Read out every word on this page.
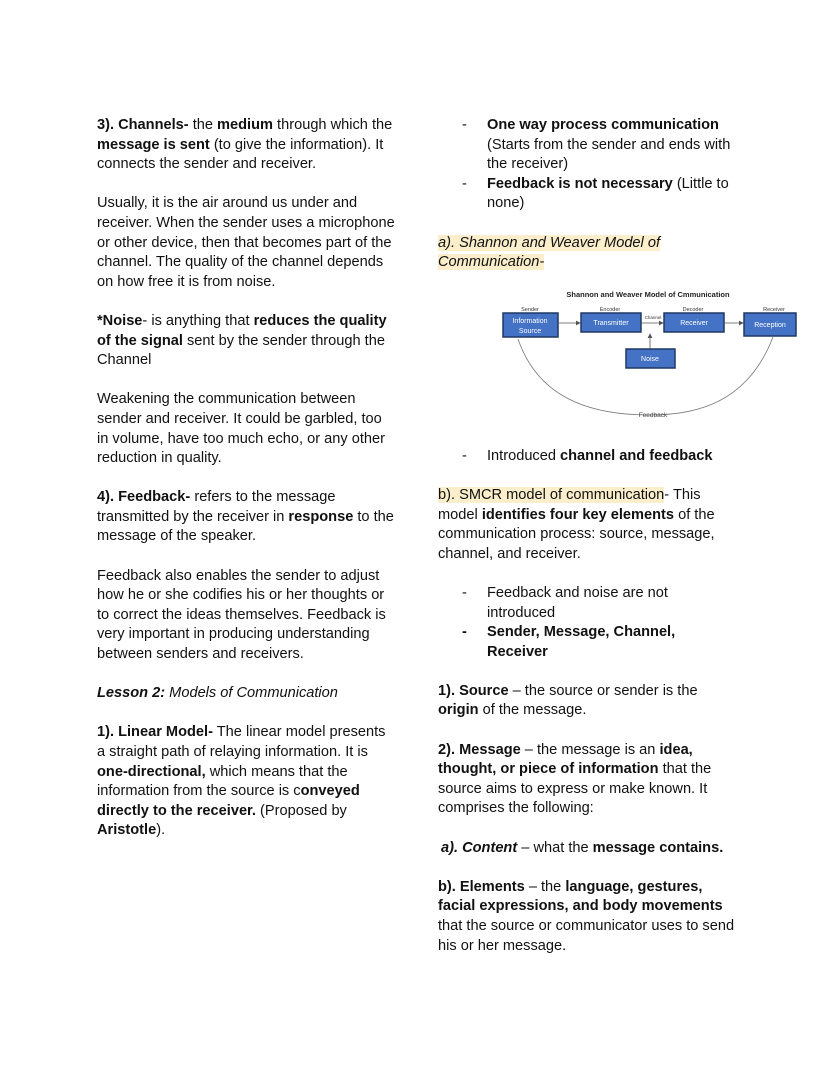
3). Channels- the medium through which the message is sent (to give the information). It connects the sender and receiver.

Usually, it is the air around us under and receiver. When the sender uses a microphone or other device, then that becomes part of the channel. The quality of the channel depends on how free it is from noise.

*Noise- is anything that reduces the quality of the signal sent by the sender through the Channel

Weakening the communication between sender and receiver. It could be garbled, too in volume, have too much echo, or any other reduction in quality.

4). Feedback- refers to the message transmitted by the receiver in response to the message of the speaker.

Feedback also enables the sender to adjust how he or she codifies his or her thoughts or to correct the ideas themselves. Feedback is very important in producing understanding between senders and receivers.

Lesson 2: Models of Communication

1). Linear Model- The linear model presents a straight path of relaying information. It is one-directional, which means that the information from the source is conveyed directly to the receiver. (Proposed by Aristotle).

- One way process communication (Starts from the sender and ends with the receiver)
- Feedback is not necessary (Little to none)

a). Shannon and Weaver Model of Communication-

Shannon and Weaver Model of Cmmunication
Sender	Encoder	Decoder	Receiver
Information
Source
Transmitter	Receiver	Reception
Noise
Channel
Feedback
- Introduced channel and feedback

b). SMCR model of communication- This model identifies four key elements of the communication process: source, message, channel, and receiver.

- Feedback and noise are not introduced
- Sender, Message, Channel, Receiver

1). Source – the source or sender is the origin of the message.

2). Message – the message is an idea, thought, or piece of information that the source aims to express or make known. It comprises the following:

a). Content – what the message contains.

b). Elements – the language, gestures, facial expressions, and body movements that the source or communicator uses to send his or her message.
